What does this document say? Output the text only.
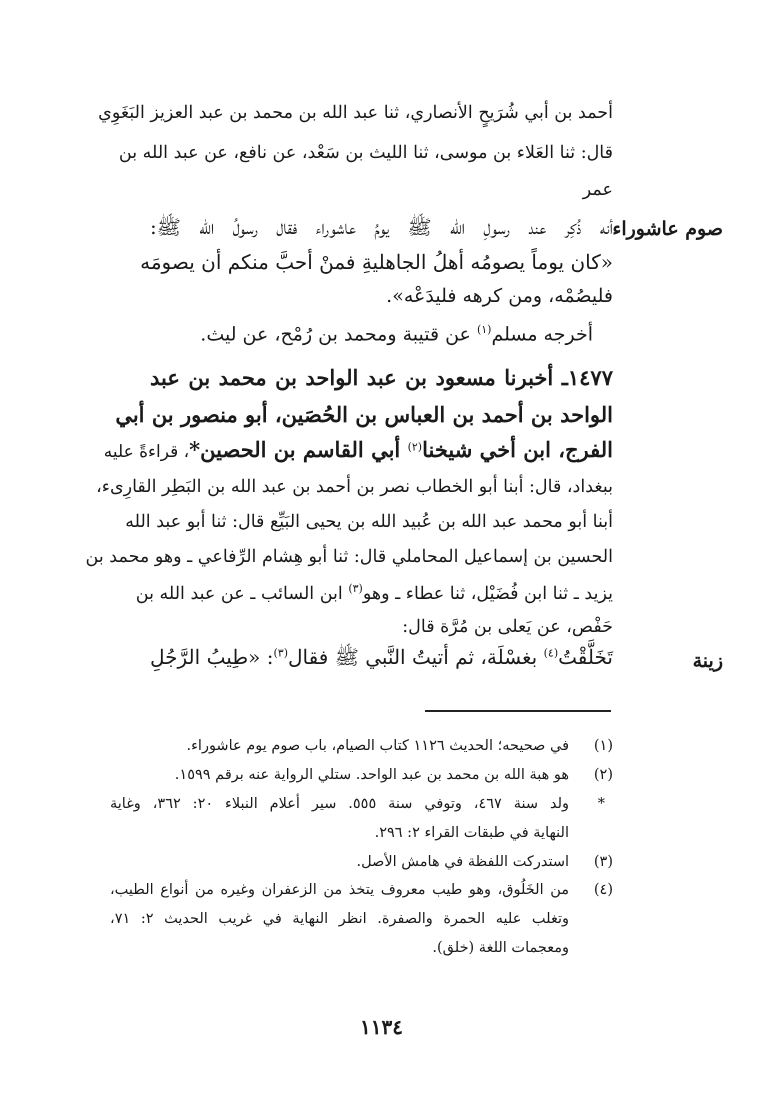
أحمد بن أبي شُرَيحٍ الأنصاري، ثنا عبد الله بن محمد بن عبد العزيز البَغَوِي
قال: ثنا العَلاء بن موسى، ثنا الليث بن سَعْد، عن نافع، عن عبد الله بن
عمر
صوم عاشوراء
أنه ذُكِر عند رسولِ الله ﷺ يومُ عاشوراء فقال رسولُ الله ﷺ:
«كان يوماً يصومُه أهلُ الجاهليةِ فمنْ أحبَّ منكم أن يصومَه
فليصُمْه، ومن كرهه فليدَعْه».
أخرجه مسلم$^{(١)}$ عن قتيبة ومحمد بن رُمْح، عن ليث.
١٤٧٧ـ أخبرنا مسعود بن عبد الواحد بن محمد بن عبد
الواحد بن أحمد بن العباس بن الحُصَين، أبو منصور بن أبي
الفرج، ابن أخي شيخنا$^{(٢)}$ أبي القاسم بن الحصين*، قراءةً عليه
ببغداد، قال: أبنا أبو الخطاب نصر بن أحمد بن عبد الله بن البَطِر القارِىء،
أبنا أبو محمد عبد الله بن عُبيد الله بن يحيى البَيِّع قال: ثنا أبو عبد الله
الحسين بن إسماعيل المحاملي قال: ثنا أبو هِشام الرِّفاعي ـ وهو محمد بن
يزيد ـ ثنا ابن فُضَيْل، ثنا عطاء ـ وهو$^{(٣)}$ ابن السائب ـ عن عبد الله بن
حَفْص، عن يَعلى بن مُرَّة قال:
زينة
تَخَلَّقْتُ$^{(٤)}$ بغسْلَة، ثم أتيتُ النَّبي ﷺ فقال$^{(٣)}$: «طِيبُ الرَّجُلِ
(١)
في صحيحه؛ الحديث ١١٢٦ كتاب الصيام، باب صوم يوم عاشوراء.
(٢)
هو هبة الله بن محمد بن عبد الواحد. ستلي الرواية عنه برقم ١٥٩٩.
*
ولد سنة ٤٦٧، وتوفي سنة ٥٥٥. سير أعلام النبلاء ٢٠: ٣٦٢، وغاية
النهاية في طبقات القراء ٢: ٢٩٦.
(٣)
استدركت اللفظة في هامش الأصل.
(٤)
من الخَلُوق، وهو طيب معروف يتخذ من الزعفران وغيره من أنواع الطيب،
وتغلب عليه الحمرة والصفرة. انظر النهاية في غريب الحديث ٢: ٧١،
ومعجمات اللغة (خلق).
١١٣٤
